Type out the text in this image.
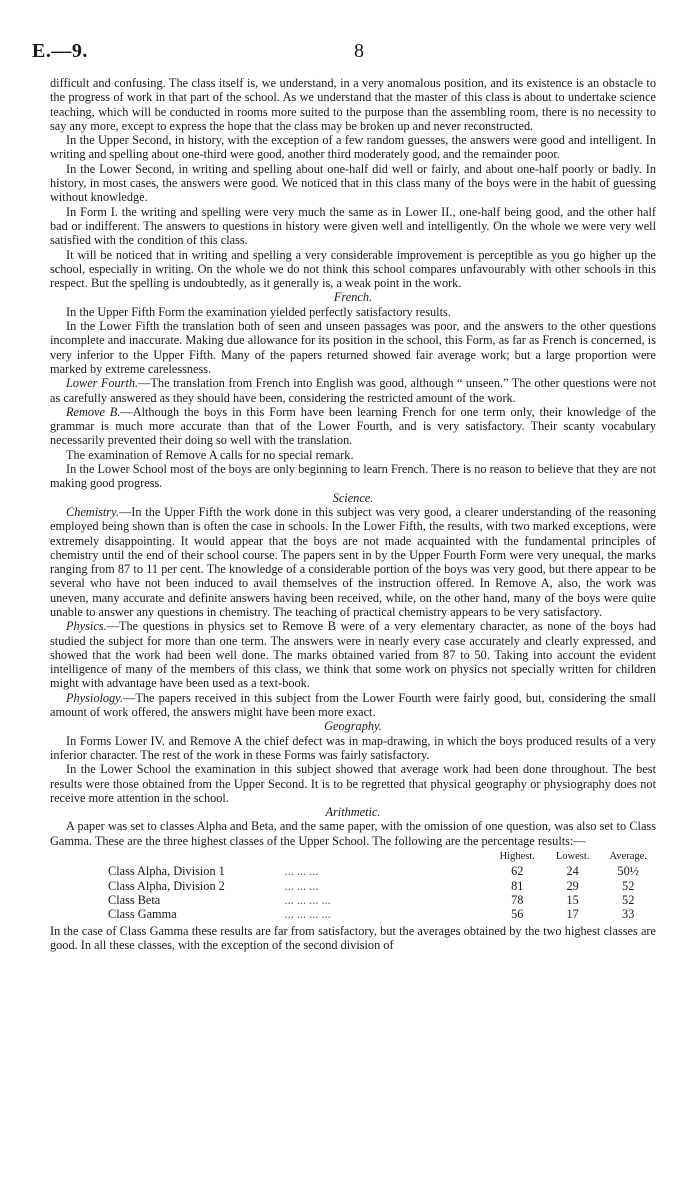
E.—9.	8

difficult and confusing. The class itself is, we understand, in a very anomalous position, and its existence is an obstacle to the progress of work in that part of the school. As we understand that the master of this class is about to undertake science teaching, which will be conducted in rooms more suited to the purpose than the assembling room, there is no necessity to say any more, except to express the hope that the class may be broken up and never reconstructed.

In the Upper Second, in history, with the exception of a few random guesses, the answers were good and intelligent. In writing and spelling about one-third were good, another third moderately good, and the remainder poor.

In the Lower Second, in writing and spelling about one-half did well or fairly, and about one-half poorly or badly. In history, in most cases, the answers were good. We noticed that in this class many of the boys were in the habit of guessing without knowledge.

In Form I. the writing and spelling were very much the same as in Lower II., one-half being good, and the other half bad or indifferent. The answers to questions in history were given well and intelligently. On the whole we were very well satisfied with the condition of this class.

It will be noticed that in writing and spelling a very considerable improvement is perceptible as you go higher up the school, especially in writing. On the whole we do not think this school compares unfavourably with other schools in this respect. But the spelling is undoubtedly, as it generally is, a weak point in the work.

French.

In the Upper Fifth Form the examination yielded perfectly satisfactory results.

In the Lower Fifth the translation both of seen and unseen passages was poor, and the answers to the other questions incomplete and inaccurate. Making due allowance for its position in the school, this Form, as far as French is concerned, is very inferior to the Upper Fifth. Many of the papers returned showed fair average work; but a large proportion were marked by extreme carelessness.

Lower Fourth.—The translation from French into English was good, although “ unseen.” The other questions were not as carefully answered as they should have been, considering the restricted amount of the work.

Remove B.—Although the boys in this Form have been learning French for one term only, their knowledge of the grammar is much more accurate than that of the Lower Fourth, and is very satisfactory. Their scanty vocabulary necessarily prevented their doing so well with the translation.

The examination of Remove A calls for no special remark.

In the Lower School most of the boys are only beginning to learn French. There is no reason to believe that they are not making good progress.

Science.

Chemistry.—In the Upper Fifth the work done in this subject was very good, a clearer understanding of the reasoning employed being shown than is often the case in schools. In the Lower Fifth, the results, with two marked exceptions, were extremely disappointing. It would appear that the boys are not made acquainted with the fundamental principles of chemistry until the end of their school course. The papers sent in by the Upper Fourth Form were very unequal, the marks ranging from 87 to 11 per cent. The knowledge of a considerable portion of the boys was very good, but there appear to be several who have not been induced to avail themselves of the instruction offered. In Remove A, also, the work was uneven, many accurate and definite answers having been received, while, on the other hand, many of the boys were quite unable to answer any questions in chemistry. The teaching of practical chemistry appears to be very satisfactory.

Physics.—The questions in physics set to Remove B were of a very elementary character, as none of the boys had studied the subject for more than one term. The answers were in nearly every case accurately and clearly expressed, and showed that the work had been well done. The marks obtained varied from 87 to 50. Taking into account the evident intelligence of many of the members of this class, we think that some work on physics not specially written for children might with advantage have been used as a text-book.

Physiology.—The papers received in this subject from the Lower Fourth were fairly good, but, considering the small amount of work offered, the answers might have been more exact.

Geography.

In Forms Lower IV. and Remove A the chief defect was in map-drawing, in which the boys produced results of a very inferior character. The rest of the work in these Forms was fairly satisfactory.

In the Lower School the examination in this subject showed that average work had been done throughout. The best results were those obtained from the Upper Second. It is to be regretted that physical geography or physiography does not receive more attention in the school.

Arithmetic.

A paper was set to classes Alpha and Beta, and the same paper, with the omission of one question, was also set to Class Gamma. These are the three highest classes of the Upper School. The following are the percentage results:—

				Highest.	Lowest.	Average.
Class Alpha, Division 1	... ... ...			62	24	50½
Class Alpha, Division 2	... ... ...			81	29	52
Class Beta	... ... ... ...			78	15	52
Class Gamma	... ... ... ...			56	17	33

In the case of Class Gamma these results are far from satisfactory, but the averages obtained by the two highest classes are good. In all these classes, with the exception of the second division of
